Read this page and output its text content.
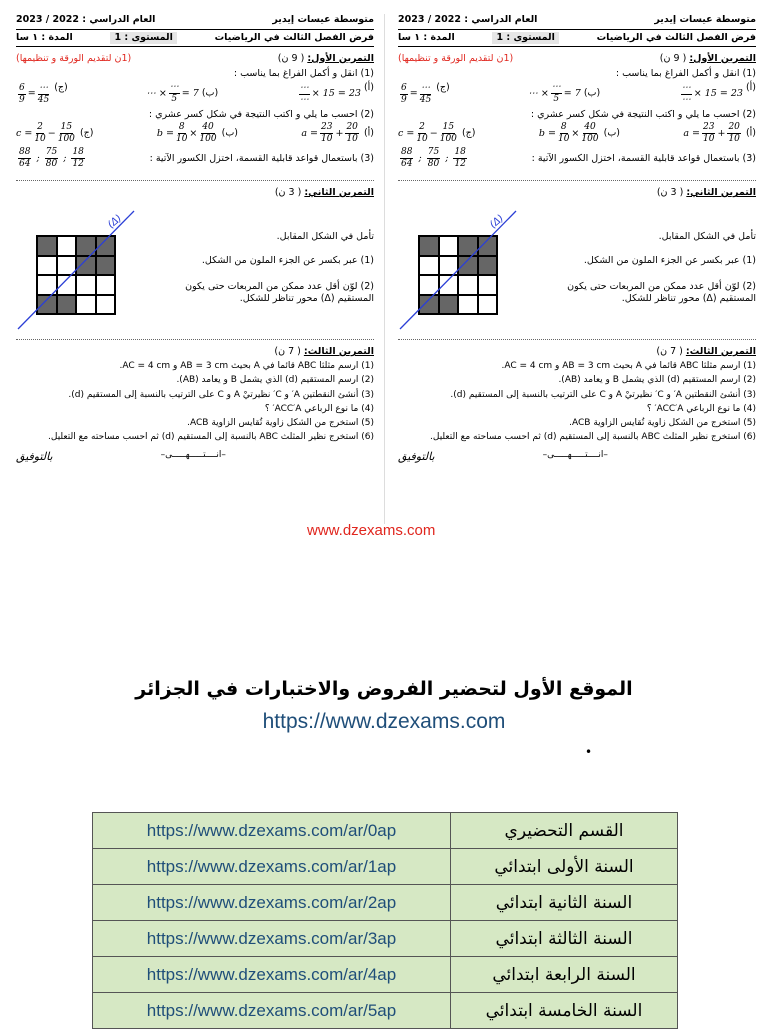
متوسطة عيسات إيدير
العام الدراسي : 2022 / 2023
فرض الفصل الثالث في الرياضيات
المستوى : 1
المدة : ١ سا
التمرين الأول: ( 9 ن)
(1ن لتقديم الورقة و تنظيمها)
(1) انقل و أكمل الفراغ بما يناسب :
(أ)
$\frac{\cdots}{\cdots} \times 15 = 23$
(ب)
⋯ × $\frac{\cdots}{5} = 7$
(ج)
$\frac{6}{9} = \frac{\cdots}{45}$
(2) احسب ما يلي و اكتب النتيجة في شكل كسر عشري :
(أ)
$a = \frac{23}{10} + \frac{20}{10}$
(ب)
$b = \frac{8}{10} \times \frac{40}{100}$
(ج)
$c = \frac{2}{10} - \frac{15}{100}$
(3) باستعمال قواعد قابلية القسمة، اختزل الكسور الآتية :
$\frac{88}{64}$
;
$\frac{75}{80}$
;
$\frac{18}{12}$
التمرين الثاني: ( 3 ن)
تأمل في الشكل المقابل.
(1) عبر بكسر عن الجزء الملون من الشكل.
(2) لوّن أقل عدد ممكن من المربعات حتى يكون المستقيم (Δ) محور تناظر للشكل.
(Δ)
التمرين الثالث: ( 7 ن)
(1) ارسم مثلثا ABC قائما في A بحيث AB = 3 cm و AC = 4 cm.
(2) ارسم المستقيم (d) الذي يشمل B و يعامد (AB).
(3) أنشئ النقطتين A′ و C′ نظيرتيْ A و C على الترتيب بالنسبة إلى المستقيم (d).
(4) ما نوع الرباعي ACC′A′ ؟
(5) استخرج من الشكل زاوية تُقايس الزاوية ACB.
(6) استخرج نظير المثلث ABC بالنسبة إلى المستقيم (d) ثم احسب مساحته مع التعليل.
–انــــتـــــهـــــى–
بالتوفيق
متوسطة عيسات إيدير
العام الدراسي : 2022 / 2023
فرض الفصل الثالث في الرياضيات
المستوى : 1
المدة : ١ سا
التمرين الأول: ( 9 ن)
(1ن لتقديم الورقة و تنظيمها)
(1) انقل و أكمل الفراغ بما يناسب :
(أ)
$\frac{\cdots}{\cdots} \times 15 = 23$
(ب)
⋯ × $\frac{\cdots}{5} = 7$
(ج)
$\frac{6}{9} = \frac{\cdots}{45}$
(2) احسب ما يلي و اكتب النتيجة في شكل كسر عشري :
(أ)
$a = \frac{23}{10} + \frac{20}{10}$
(ب)
$b = \frac{8}{10} \times \frac{40}{100}$
(ج)
$c = \frac{2}{10} - \frac{15}{100}$
(3) باستعمال قواعد قابلية القسمة، اختزل الكسور الآتية :
$\frac{88}{64}$
;
$\frac{75}{80}$
;
$\frac{18}{12}$
التمرين الثاني: ( 3 ن)
تأمل في الشكل المقابل.
(1) عبر بكسر عن الجزء الملون من الشكل.
(2) لوّن أقل عدد ممكن من المربعات حتى يكون المستقيم (Δ) محور تناظر للشكل.
(Δ)
التمرين الثالث: ( 7 ن)
(1) ارسم مثلثا ABC قائما في A بحيث AB = 3 cm و AC = 4 cm.
(2) ارسم المستقيم (d) الذي يشمل B و يعامد (AB).
(3) أنشئ النقطتين A′ و C′ نظيرتيْ A و C على الترتيب بالنسبة إلى المستقيم (d).
(4) ما نوع الرباعي ACC′A′ ؟
(5) استخرج من الشكل زاوية تُقايس الزاوية ACB.
(6) استخرج نظير المثلث ABC بالنسبة إلى المستقيم (d) ثم احسب مساحته مع التعليل.
–انــــتـــــهـــــى–
بالتوفيق
www.dzexams.com
الموقع الأول لتحضير الفروض والاختبارات في الجزائر
https://www.dzexams.com
•
https://www.dzexams.com/ar/0ap	القسم التحضيري
https://www.dzexams.com/ar/1ap	السنة الأولى ابتدائي
https://www.dzexams.com/ar/2ap	السنة الثانية ابتدائي
https://www.dzexams.com/ar/3ap	السنة الثالثة ابتدائي
https://www.dzexams.com/ar/4ap	السنة الرابعة ابتدائي
https://www.dzexams.com/ar/5ap	السنة الخامسة ابتدائي
